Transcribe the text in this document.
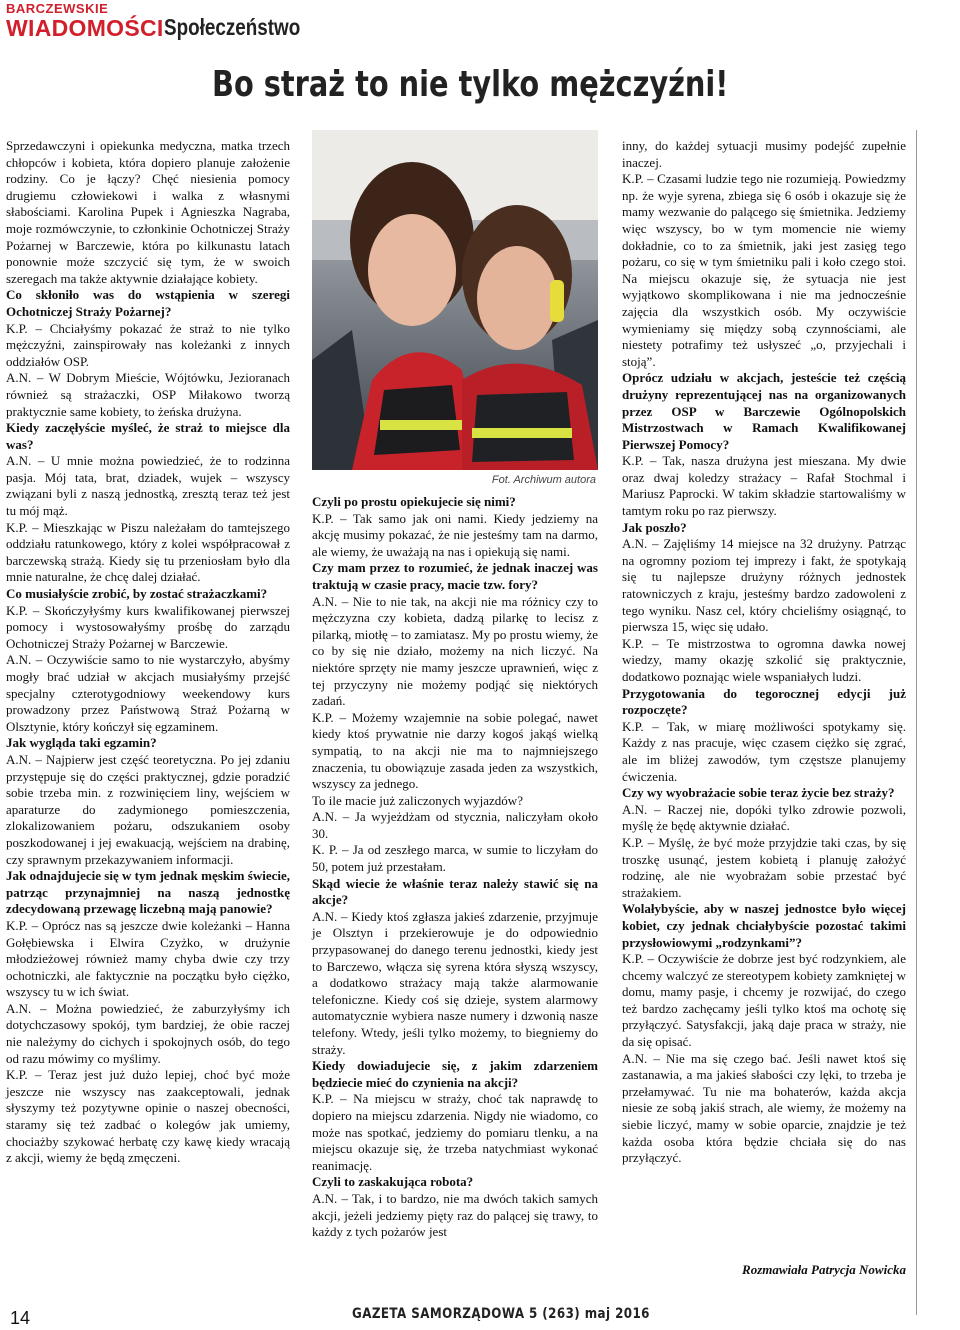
BARCZEWSKIE
WIADOMOŚCI Społeczeństwo
Bo straż to nie tylko mężczyźni!

Sprzedawczyni i opiekunka medyczna, matka trzech chłopców i kobieta, która dopiero planuje założenie rodziny. Co je łączy? Chęć niesienia pomocy drugiemu człowiekowi i walka z własnymi słabościami. Karolina Pupek i Agnieszka Nagraba, moje rozmówczynie, to członkinie Ochotniczej Straży Pożarnej w Barczewie, która po kilkunastu latach ponownie może szczycić się tym, że w swoich szeregach ma także aktywnie działające kobiety.

Co skłoniło was do wstąpienia w szeregi Ochotniczej Straży Pożarnej?

K.P. – Chciałyśmy pokazać że straż to nie tylko mężczyźni, zainspirowały nas koleżanki z innych oddziałów OSP.

A.N. – W Dobrym Mieście, Wójtówku, Jezioranach również są strażaczki, OSP Miłakowo tworzą praktycznie same kobiety, to żeńska drużyna.

Kiedy zaczęłyście myśleć, że straż to miejsce dla was?

A.N. – U mnie można powiedzieć, że to rodzinna pasja. Mój tata, brat, dziadek, wujek – wszyscy związani byli z naszą jednostką, zresztą teraz też jest tu mój mąż.

K.P. – Mieszkając w Piszu należałam do tamtejszego oddziału ratunkowego, który z kolei współpracował z barczewską strażą. Kiedy się tu przeniosłam było dla mnie naturalne, że chcę dalej działać.

Co musiałyście zrobić, by zostać strażaczkami?

K.P. – Skończyłyśmy kurs kwalifikowanej pierwszej pomocy i wystosowałyśmy prośbę do zarządu Ochotniczej Straży Pożarnej w Barczewie.

A.N. – Oczywiście samo to nie wystarczyło, abyśmy mogły brać udział w akcjach musiałyśmy przejść specjalny czterotygodniowy weekendowy kurs prowadzony przez Państwową Straż Pożarną w Olsztynie, który kończył się egzaminem.

Jak wygląda taki egzamin?

A.N. – Najpierw jest część teoretyczna. Po jej zdaniu przystępuje się do części praktycznej, gdzie poradzić sobie trzeba min. z rozwinięciem liny, wejściem w aparaturze do zadymionego pomieszczenia, zlokalizowaniem pożaru, odszukaniem osoby poszkodowanej i jej ewakuacją, wejściem na drabinę, czy sprawnym przekazywaniem informacji.

Jak odnajdujecie się w tym jednak męskim świecie, patrząc przynajmniej na naszą jednostkę zdecydowaną przewagę liczebną mają panowie?

K.P. – Oprócz nas są jeszcze dwie koleżanki – Hanna Gołębiewska i Elwira Czyżko, w drużynie młodzieżowej również mamy chyba dwie czy trzy ochotniczki, ale faktycznie na początku było ciężko, wszyscy tu w ich świat.

A.N. – Można powiedzieć, że zaburzyłyśmy ich dotychczasowy spokój, tym bardziej, że obie raczej nie należymy do cichych i spokojnych osób, do tego od razu mówimy co myślimy.

K.P. – Teraz jest już dużo lepiej, choć być może jeszcze nie wszyscy nas zaakceptowali, jednak słyszymy też pozytywne opinie o naszej obecności, staramy się też zadbać o kolegów jak umiemy, chociażby szykować herbatę czy kawę kiedy wracają z akcji, wiemy że będą zmęczeni.

Fot. Archiwum autora

Czyli po prostu opiekujecie się nimi?

K.P. – Tak samo jak oni nami. Kiedy jedziemy na akcję musimy pokazać, że nie jesteśmy tam na darmo, ale wiemy, że uważają na nas i opiekują się nami.

Czy mam przez to rozumieć, że jednak inaczej was traktują w czasie pracy, macie tzw. fory?

A.N. – Nie to nie tak, na akcji nie ma różnicy czy to mężczyzna czy kobieta, dadzą pilarkę to lecisz z pilarką, miotłę – to zamiatasz. My po prostu wiemy, że co by się nie działo, możemy na nich liczyć. Na niektóre sprzęty nie mamy jeszcze uprawnień, więc z tej przyczyny nie możemy podjąć się niektórych zadań.

K.P. – Możemy wzajemnie na sobie polegać, nawet kiedy ktoś prywatnie nie darzy kogoś jakąś wielką sympatią, to na akcji nie ma to najmniejszego znaczenia, tu obowiązuje zasada jeden za wszystkich, wszyscy za jednego.

To ile macie już zaliczonych wyjazdów?

A.N. – Ja wyjeżdżam od stycznia, naliczyłam około 30.

K. P. – Ja od zeszłego marca, w sumie to liczyłam do 50, potem już przestałam.

Skąd wiecie że właśnie teraz należy stawić się na akcje?

A.N. – Kiedy ktoś zgłasza jakieś zdarzenie, przyjmuje je Olsztyn i przekierowuje je do odpowiednio przypasowanej do danego terenu jednostki, kiedy jest to Barczewo, włącza się syrena która słyszą wszyscy, a dodatkowo strażacy mają także alarmowanie telefoniczne. Kiedy coś się dzieje, system alarmowy automatycznie wybiera nasze numery i dzwonią nasze telefony. Wtedy, jeśli tylko możemy, to biegniemy do straży.

Kiedy dowiadujecie się, z jakim zdarzeniem będziecie mieć do czynienia na akcji?

K.P. – Na miejscu w straży, choć tak naprawdę to dopiero na miejscu zdarzenia. Nigdy nie wiadomo, co może nas spotkać, jedziemy do pomiaru tlenku, a na miejscu okazuje się, że trzeba natychmiast wykonać reanimację.

Czyli to zaskakująca robota?

A.N. – Tak, i to bardzo, nie ma dwóch takich samych akcji, jeżeli jedziemy pięty raz do palącej się trawy, to każdy z tych pożarów jest

inny, do każdej sytuacji musimy podejść zupełnie inaczej.

K.P. – Czasami ludzie tego nie rozumieją. Powiedzmy np. że wyje syrena, zbiega się 6 osób i okazuje się że mamy wezwanie do palącego się śmietnika. Jedziemy więc wszyscy, bo w tym momencie nie wiemy dokładnie, co to za śmietnik, jaki jest zasięg tego pożaru, co się w tym śmietniku pali i koło czego stoi. Na miejscu okazuje się, że sytuacja nie jest wyjątkowo skomplikowana i nie ma jednocześnie zajęcia dla wszystkich osób. My oczywiście wymieniamy się między sobą czynnościami, ale niestety potrafimy też usłyszeć „o, przyjechali i stoją”.

Oprócz udziału w akcjach, jesteście też częścią drużyny reprezentującej nas na organizowanych przez OSP w Barczewie Ogólnopolskich Mistrzostwach w Ramach Kwalifikowanej Pierwszej Pomocy?

K.P. – Tak, nasza drużyna jest mieszana. My dwie oraz dwaj koledzy strażacy – Rafał Stochmal i Mariusz Paprocki. W takim składzie startowaliśmy w tamtym roku po raz pierwszy.

Jak poszło?

A.N. – Zajęliśmy 14 miejsce na 32 drużyny. Patrząc na ogromny poziom tej imprezy i fakt, że spotykają się tu najlepsze drużyny różnych jednostek ratowniczych z kraju, jesteśmy bardzo zadowoleni z tego wyniku. Nasz cel, który chcieliśmy osiągnąć, to pierwsza 15, więc się udało.

K.P. – Te mistrzostwa to ogromna dawka nowej wiedzy, mamy okazję szkolić się praktycznie, dodatkowo poznając wiele wspaniałych ludzi.

Przygotowania do tegorocznej edycji już rozpoczęte?

K.P. – Tak, w miarę możliwości spotykamy się. Każdy z nas pracuje, więc czasem ciężko się zgrać, ale im bliżej zawodów, tym częstsze planujemy ćwiczenia.

Czy wy wyobrażacie sobie teraz życie bez straży?

A.N. – Raczej nie, dopóki tylko zdrowie pozwoli, myślę że będę aktywnie działać.

K.P. – Myślę, że być może przyjdzie taki czas, by się troszkę usunąć, jestem kobietą i planuję założyć rodzinę, ale nie wyobrażam sobie przestać być strażakiem.

Wolałybyście, aby w naszej jednostce było więcej kobiet, czy jednak chciałybyście pozostać takimi przysłowiowymi „rodzynkami”?

K.P. – Oczywiście że dobrze jest być rodzynkiem, ale chcemy walczyć ze stereotypem kobiety zamkniętej w domu, mamy pasje, i chcemy je rozwijać, do czego też bardzo zachęcamy jeśli tylko ktoś ma ochotę się przyłączyć. Satysfakcji, jaką daje praca w straży, nie da się opisać.

A.N. – Nie ma się czego bać. Jeśli nawet ktoś się zastanawia, a ma jakieś słabości czy lęki, to trzeba je przełamywać. Tu nie ma bohaterów, każda akcja niesie ze sobą jakiś strach, ale wiemy, że możemy na siebie liczyć, mamy w sobie oparcie, znajdzie je też każda osoba która będzie chciała się do nas przyłączyć.

Rozmawiała Patrycja Nowicka
14	GAZETA SAMORZĄDOWA 5 (263) maj 2016
